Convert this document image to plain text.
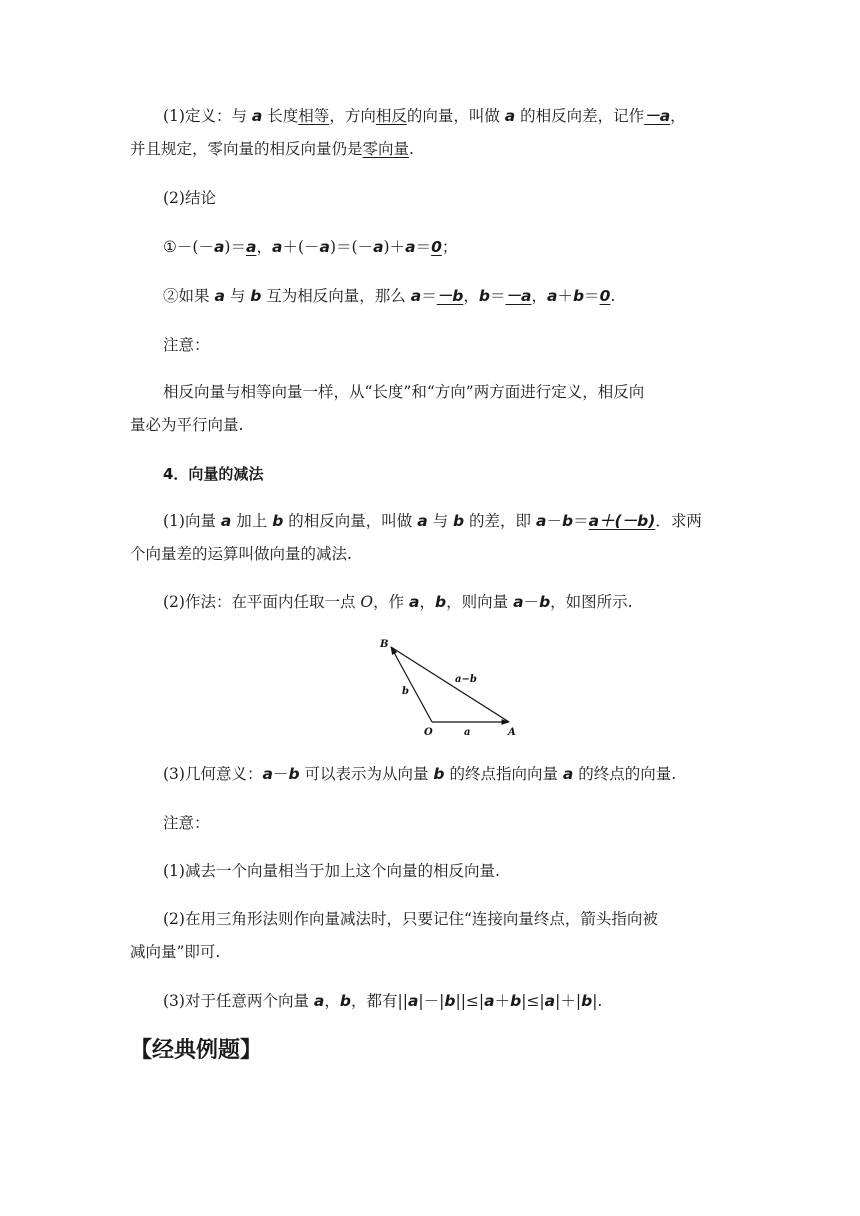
(1)定义：与 a 长度相等，方向相反的向量，叫做 a 的相反向差，记作－a，
并且规定，零向量的相反向量仍是零向量.
(2)结论
①－(－a)＝a，a＋(－a)＝(－a)＋a＝0；
②如果 a 与 b 互为相反向量，那么 a＝－b，b＝－a，a＋b＝0.
注意：
相反向量与相等向量一样，从“长度”和“方向”两方面进行定义，相反向
量必为平行向量.
4．向量的减法
(1)向量 a 加上 b 的相反向量，叫做 a 与 b 的差，即 a－b＝a＋(－b)．求两
个向量差的运算叫做向量的减法.
(2)作法：在平面内任取一点 O，作 a，b，则向量 a－b，如图所示.
B
O	A
a
b
a−b
(3)几何意义：a－b 可以表示为从向量 b 的终点指向向量 a 的终点的向量.
注意：
(1)减去一个向量相当于加上这个向量的相反向量.
(2)在用三角形法则作向量减法时，只要记住“连接向量终点，箭头指向被
减向量”即可.
(3)对于任意两个向量 a，b，都有||a|－|b||≤|a＋b|≤|a|＋|b|.
【经典例题】
